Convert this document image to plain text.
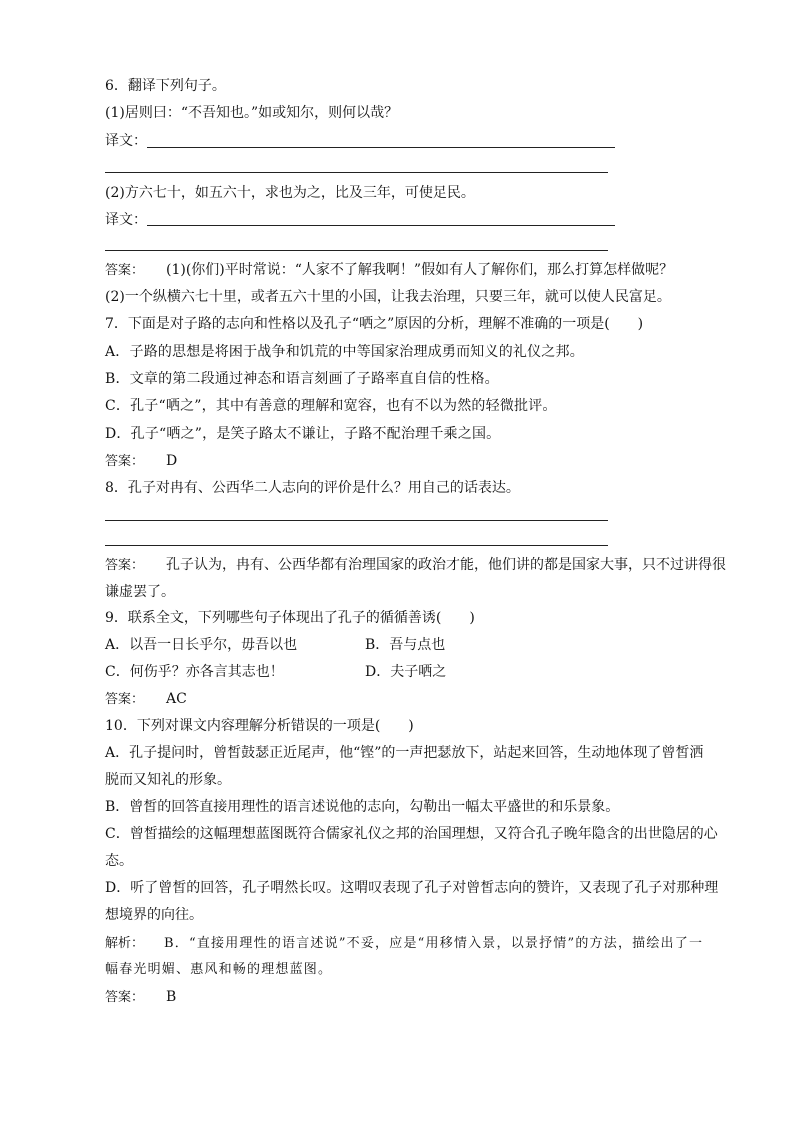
6．翻译下列句子。
(1)居则曰：“不吾知也。”如或知尔，则何以哉？
译文：
(2)方六七十，如五六十，求也为之，比及三年，可使足民。
译文：
答案： (1)(你们)平时常说：“人家不了解我啊！”假如有人了解你们，那么打算怎样做呢？
(2)一个纵横六七十里，或者五六十里的小国，让我去治理，只要三年，就可以使人民富足。
7．下面是对子路的志向和性格以及孔子“哂之”原因的分析，理解不准确的一项是(　　)
A．子路的思想是将困于战争和饥荒的中等国家治理成勇而知义的礼仪之邦。
B．文章的第二段通过神态和语言刻画了子路率直自信的性格。
C．孔子“哂之”，其中有善意的理解和宽容，也有不以为然的轻微批评。
D．孔子“哂之”，是笑子路太不谦让，子路不配治理千乘之国。
答案： D
8．孔子对冉有、公西华二人志向的评价是什么？用自己的话表达。
答案： 孔子认为，冉有、公西华都有治理国家的政治才能，他们讲的都是国家大事，只不过讲得很
谦虚罢了。
9．联系全文，下列哪些句子体现出了孔子的循循善诱(　　)
A．以吾一日长乎尔，毋吾以也	B．吾与点也
C．何伤乎？亦各言其志也！	D．夫子哂之
答案： AC
10．下列对课文内容理解分析错误的一项是(　　)
A．孔子提问时，曾皙鼓瑟正近尾声，他“铿”的一声把瑟放下，站起来回答，生动地体现了曾皙洒
脱而又知礼的形象。
B．曾皙的回答直接用理性的语言述说他的志向，勾勒出一幅太平盛世的和乐景象。
C．曾皙描绘的这幅理想蓝图既符合儒家礼仪之邦的治国理想，又符合孔子晚年隐含的出世隐居的心
态。
D．听了曾皙的回答，孔子喟然长叹。这喟叹表现了孔子对曾皙志向的赞许，又表现了孔子对那种理
想境界的向往。
解析： B．“直接用理性的语言述说”不妥，应是“用移情入景，以景抒情”的方法，描绘出了一
幅春光明媚、惠风和畅的理想蓝图。
答案： B
